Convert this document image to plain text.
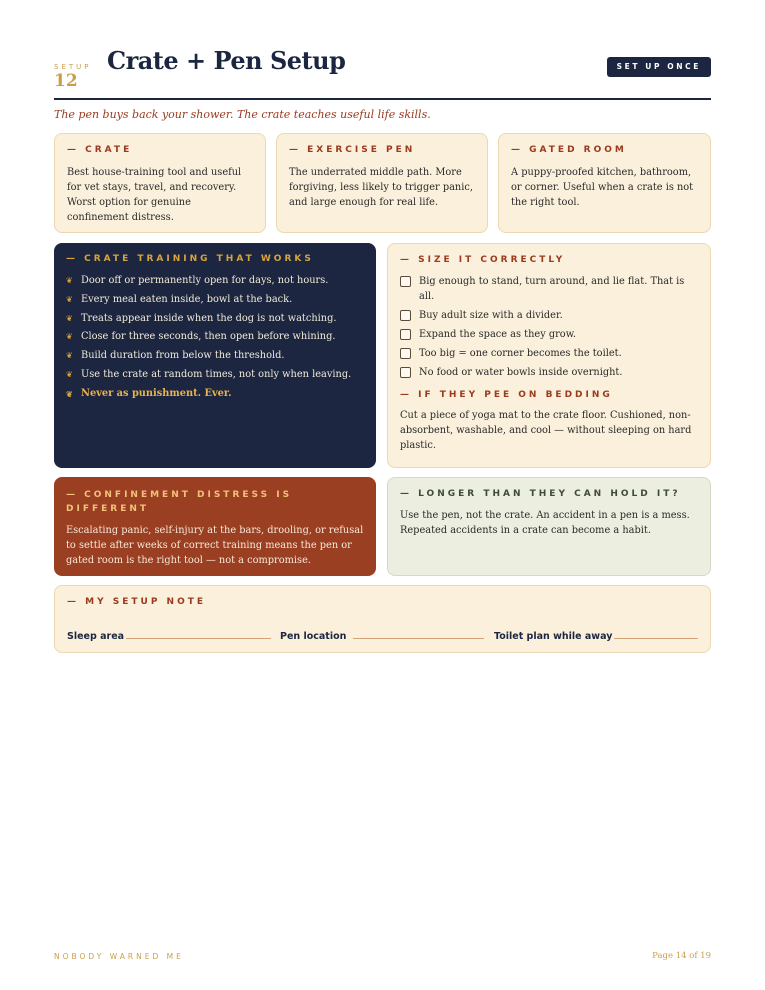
SETUP
12
Crate + Pen Setup	SET UP ONCE
The pen buys back your shower. The crate teaches useful life skills.
— CRATE
Best house-training tool and useful for vet stays, travel, and recovery. Worst option for genuine confinement distress.
— EXERCISE PEN
The underrated middle path. More forgiving, less likely to trigger panic, and large enough for real life.
— GATED ROOM
A puppy-proofed kitchen, bathroom, or corner. Useful when a crate is not the right tool.
— CRATE TRAINING THAT WORKS
❦ Door off or permanently open for days, not hours.
❦ Every meal eaten inside, bowl at the back.
❦ Treats appear inside when the dog is not watching.
❦ Close for three seconds, then open before whining.
❦ Build duration from below the threshold.
❦ Use the crate at random times, not only when leaving.
❦ Never as punishment. Ever.
— SIZE IT CORRECTLY
Big enough to stand, turn around, and lie flat. That is all.
Buy adult size with a divider.
Expand the space as they grow.
Too big = one corner becomes the toilet.
No food or water bowls inside overnight.
— IF THEY PEE ON BEDDING
Cut a piece of yoga mat to the crate floor. Cushioned, non-absorbent, washable, and cool — without sleeping on hard plastic.
— CONFINEMENT DISTRESS IS DIFFERENT
Escalating panic, self-injury at the bars, drooling, or refusal to settle after weeks of correct training means the pen or gated room is the right tool — not a compromise.
— LONGER THAN THEY CAN HOLD IT?
Use the pen, not the crate. An accident in a pen is a mess. Repeated accidents in a crate can become a habit.
— MY SETUP NOTE
Sleep area	Pen location	Toilet plan while away
NOBODY WARNED ME	Page 14 of 19
